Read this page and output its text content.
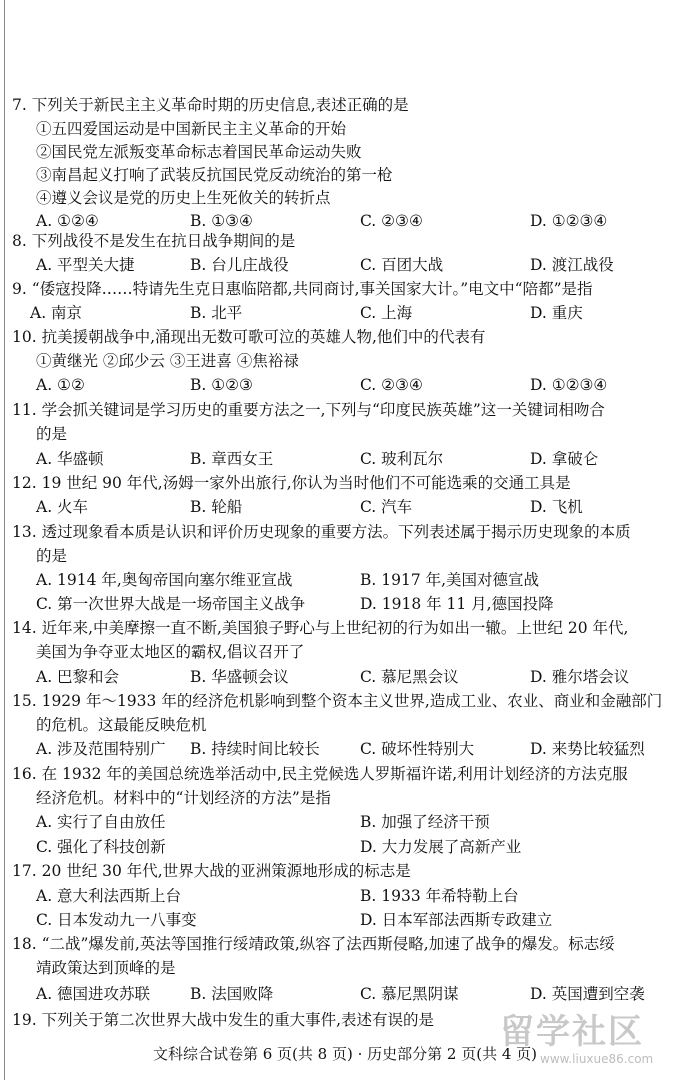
7. 下列关于新民主主义革命时期的历史信息,表述正确的是
①五四爱国运动是中国新民主主义革命的开始
②国民党左派叛变革命标志着国民革命运动失败
③南昌起义打响了武装反抗国民党反动统治的第一枪
④遵义会议是党的历史上生死攸关的转折点
A. ①②④	B. ①③④	C. ②③④	D. ①②③④
8. 下列战役不是发生在抗日战争期间的是
A. 平型关大捷	B. 台儿庄战役	C. 百团大战	D. 渡江战役
9. “倭寇投降……特请先生克日惠临陪都,共同商讨,事关国家大计。”电文中“陪都”是指
A. 南京	B. 北平	C. 上海	D. 重庆
10. 抗美援朝战争中,涌现出无数可歌可泣的英雄人物,他们中的代表有
①黄继光 ②邱少云 ③王进喜 ④焦裕禄
A. ①②	B. ①②③	C. ②③④	D. ①②③④
11. 学会抓关键词是学习历史的重要方法之一,下列与“印度民族英雄”这一关键词相吻合
的是
A. 华盛顿	B. 章西女王	C. 玻利瓦尔	D. 拿破仑
12. 19 世纪 90 年代,汤姆一家外出旅行,你认为当时他们不可能选乘的交通工具是
A. 火车	B. 轮船	C. 汽车	D. 飞机
13. 透过现象看本质是认识和评价历史现象的重要方法。下列表述属于揭示历史现象的本质
的是
A. 1914 年,奥匈帝国向塞尔维亚宣战	B. 1917 年,美国对德宣战
C. 第一次世界大战是一场帝国主义战争	D. 1918 年 11 月,德国投降
14. 近年来,中美摩擦一直不断,美国狼子野心与上世纪初的行为如出一辙。上世纪 20 年代,
美国为争夺亚太地区的霸权,倡议召开了
A. 巴黎和会	B. 华盛顿会议	C. 慕尼黑会议	D. 雅尔塔会议
15. 1929 年～1933 年的经济危机影响到整个资本主义世界,造成工业、农业、商业和金融部门
的危机。这最能反映危机
A. 涉及范围特别广 B. 持续时间比较长	C. 破坏性特别大	D. 来势比较猛烈
16. 在 1932 年的美国总统选举活动中,民主党候选人罗斯福许诺,利用计划经济的方法克服
经济危机。材料中的“计划经济的方法”是指
A. 实行了自由放任	B. 加强了经济干预
C. 强化了科技创新	D. 大力发展了高新产业
17. 20 世纪 30 年代,世界大战的亚洲策源地形成的标志是
A. 意大利法西斯上台	B. 1933 年希特勒上台
C. 日本发动九一八事变	D. 日本军部法西斯专政建立
18. “二战”爆发前,英法等国推行绥靖政策,纵容了法西斯侵略,加速了战争的爆发。标志绥
靖政策达到顶峰的是
A. 德国进攻苏联	B. 法国败降	C. 慕尼黑阴谋	D. 英国遭到空袭
19. 下列关于第二次世界大战中发生的重大事件,表述有误的是
文科综合试卷第 6 页(共 8 页) · 历史部分第 2 页(共 4 页)
留学社区
www.liuxue86.com
